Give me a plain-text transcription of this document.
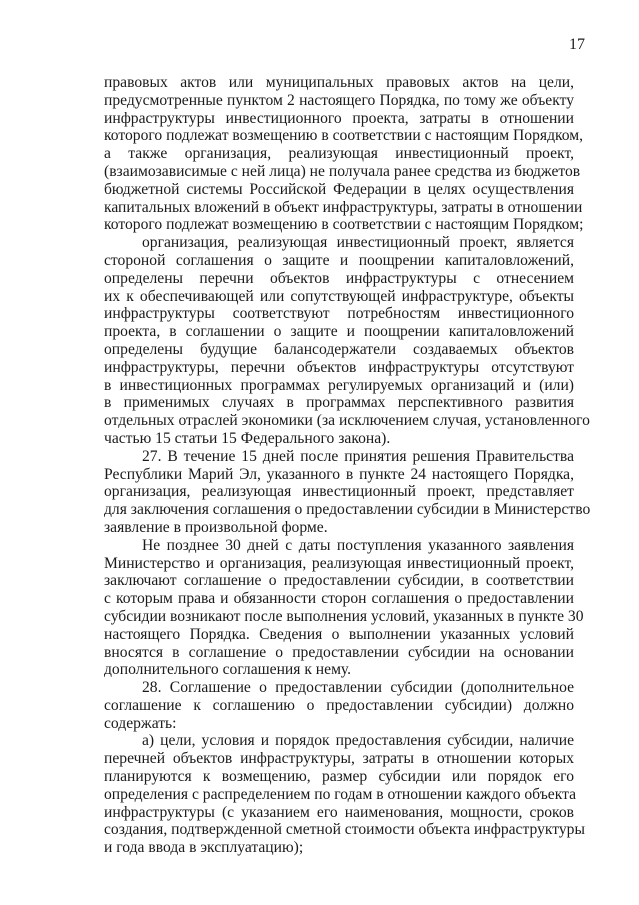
17
правовых актов или муниципальных правовых актов на цели,
предусмотренные пунктом 2 настоящего Порядка, по тому же объекту
инфраструктуры инвестиционного проекта, затраты в отношении
которого подлежат возмещению в соответствии с настоящим Порядком,
а также организация, реализующая инвестиционный проект,
(взаимозависимые с ней лица) не получала ранее средства из бюджетов
бюджетной системы Российской Федерации в целях осуществления
капитальных вложений в объект инфраструктуры, затраты в отношении
которого подлежат возмещению в соответствии с настоящим Порядком;
организация, реализующая инвестиционный проект, является
стороной соглашения о защите и поощрении капиталовложений,
определены перечни объектов инфраструктуры с отнесением
их к обеспечивающей или сопутствующей инфраструктуре, объекты
инфраструктуры соответствуют потребностям инвестиционного
проекта, в соглашении о защите и поощрении капиталовложений
определены будущие балансодержатели создаваемых объектов
инфраструктуры, перечни объектов инфраструктуры отсутствуют
в инвестиционных программах регулируемых организаций и (или)
в применимых случаях в программах перспективного развития
отдельных отраслей экономики (за исключением случая, установленного
частью 15 статьи 15 Федерального закона).
27. В течение 15 дней после принятия решения Правительства
Республики Марий Эл, указанного в пункте 24 настоящего Порядка,
организация, реализующая инвестиционный проект, представляет
для заключения соглашения о предоставлении субсидии в Министерство
заявление в произвольной форме.
Не позднее 30 дней с даты поступления указанного заявления
Министерство и организация, реализующая инвестиционный проект,
заключают соглашение о предоставлении субсидии, в соответствии
с которым права и обязанности сторон соглашения о предоставлении
субсидии возникают после выполнения условий, указанных в пункте 30
настоящего Порядка. Сведения о выполнении указанных условий
вносятся в соглашение о предоставлении субсидии на основании
дополнительного соглашения к нему.
28. Соглашение о предоставлении субсидии (дополнительное
соглашение к соглашению о предоставлении субсидии) должно
содержать:
а) цели, условия и порядок предоставления субсидии, наличие
перечней объектов инфраструктуры, затраты в отношении которых
планируются к возмещению, размер субсидии или порядок его
определения с распределением по годам в отношении каждого объекта
инфраструктуры (с указанием его наименования, мощности, сроков
создания, подтвержденной сметной стоимости объекта инфраструктуры
и года ввода в эксплуатацию);
